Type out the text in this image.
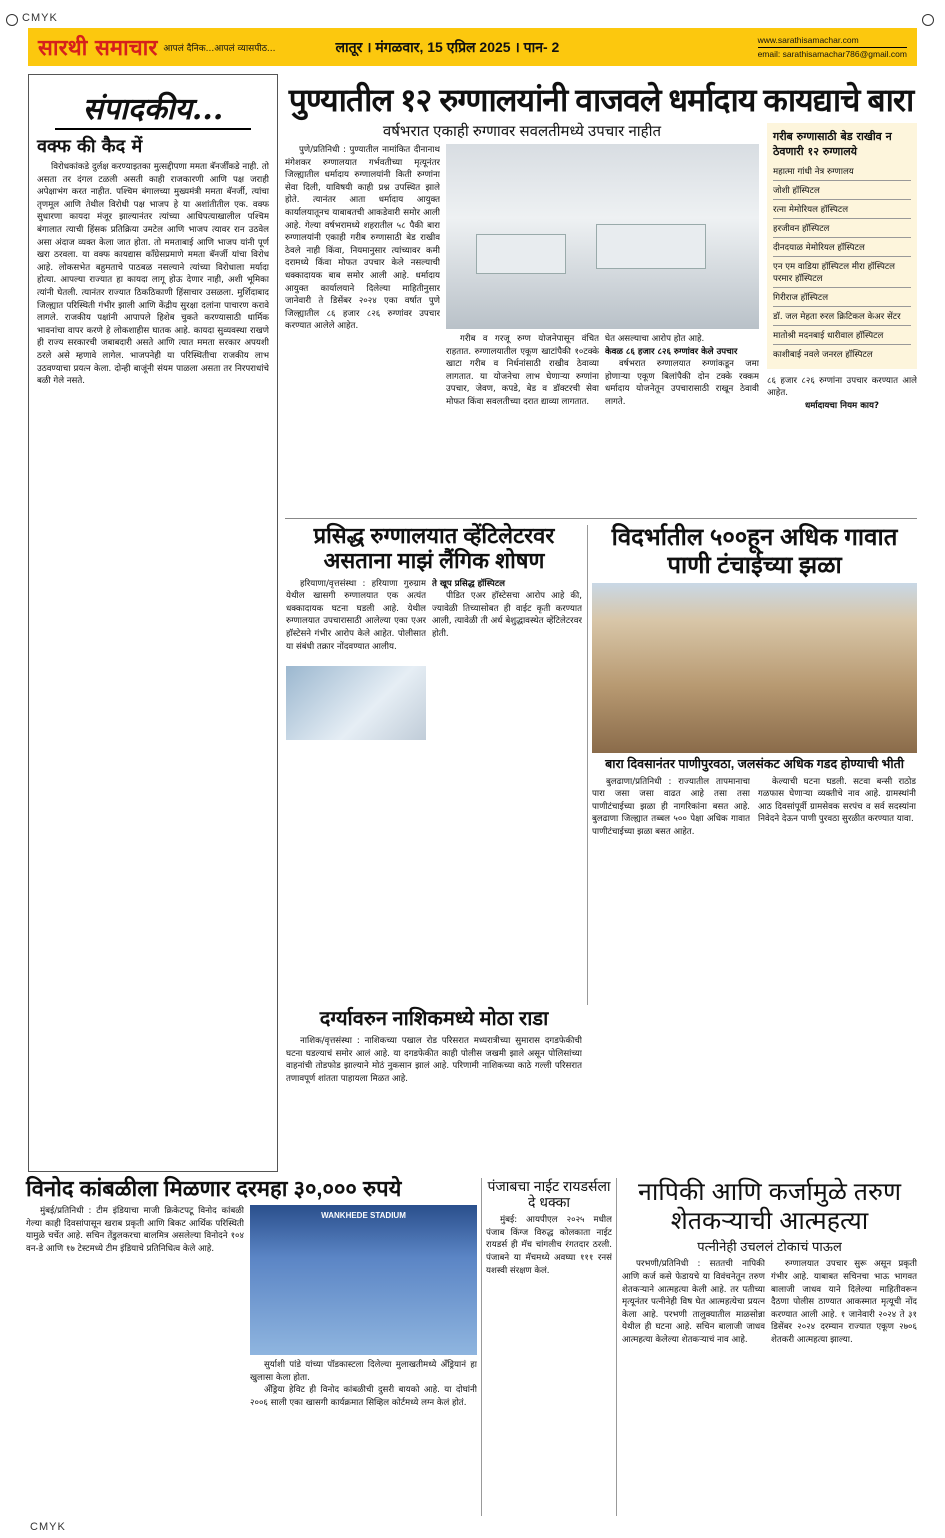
CMYK
सारथी समाचार आपलं दैनिक...आपलं व्यासपीठ...	लातूर । मंगळवार, 15 एप्रिल 2025 । पान- 2	www.sarathisamachar.com
email: sarathisamachar786@gmail.com
संपादकीय...
वक्फ की कैद में

विरोधकांकडे दुर्लक्ष करण्याइतका मुत्सद्दीपणा ममता बॅनर्जींकडे नाही. तो असता तर दंगल टळली असती काही राजकारणी आणि पक्ष जराही अपेक्षाभंग करत नाहीत. पश्चिम बंगालच्या मुख्यमंत्री ममता बॅनर्जी, त्यांचा तृणमूल आणि तेथील विरोधी पक्ष भाजप हे या अशांतीतील एक. वक्फ सुधारणा कायदा मंजूर झाल्यानंतर त्यांच्या आधिपत्याखालील पश्चिम बंगालात त्याची हिंसक प्रतिक्रिया उमटेल आणि भाजप त्यावर रान उठवेल असा अंदाज व्यक्त केला जात होता. तो ममताबाई आणि भाजप यांनी पूर्ण खरा ठरवला. या वक्फ कायद्यास काँग्रेसप्रमाणे ममता बॅनर्जी यांचा विरोध आहे. लोकसभेत बहुमताचे पाठबळ नसल्याने त्यांच्या विरोधाला मर्यादा होत्या. आपल्या राज्यात हा कायदा लागू होऊ देणार नाही, अशी भूमिका त्यांनी घेतली. त्यानंतर राज्यात ठिकठिकाणी हिंसाचार उसळला. मुर्शिदाबाद जिल्ह्यात परिस्थिती गंभीर झाली आणि केंद्रीय सुरक्षा दलांना पाचारण करावे लागले. राजकीय पक्षांनी आपापले हिशेब चुकते करण्यासाठी धार्मिक भावनांचा वापर करणे हे लोकशाहीस घातक आहे. कायदा सुव्यवस्था राखणे ही राज्य सरकारची जबाबदारी असते आणि त्यात ममता सरकार अपयशी ठरले असे म्हणावे लागेल. भाजपनेही या परिस्थितीचा राजकीय लाभ उठवण्याचा प्रयत्न केला. दोन्ही बाजूंनी संयम पाळला असता तर निरपराधांचे बळी गेले नसते.

पुण्यातील १२ रुग्णालयांनी वाजवले धर्मादाय कायद्याचे बारा
वर्षभरात एकाही रुग्णावर सवलतीमध्ये उपचार नाहीत

पुणे/प्रतिनिधी : पुण्यातील नामांकित दीनानाथ मंगेशकर रुग्णालयात गर्भवतीच्या मृत्यूनंतर जिल्ह्यातील धर्मादाय रुग्णालयांनी किती रुग्णांना सेवा दिली, याविषयी काही प्रश्न उपस्थित झाले होते. त्यानंतर आता धर्मादाय आयुक्त कार्यालयातूनच याबाबतची आकडेवारी समोर आली आहे. गेल्या वर्षभरामध्ये शहरातील ५८ पैकी बारा रुग्णालयांनी एकाही गरीब रुग्णासाठी बेड राखीव ठेवले नाही किंवा, नियमानुसार त्यांच्यावर कमी दरामध्ये किंवा मोफत उपचार केले नसल्याची धक्कादायक बाब समोर आली आहे. धर्मादाय आयुक्त कार्यालयाने दिलेल्या माहितीनुसार जानेवारी ते डिसेंबर २०२४ एका वर्षात पुणे जिल्ह्यातील ८६ हजार ८२६ रुग्णांवर उपचार करण्यात आलेले आहेत.

गरीब व गरजू रुग्ण योजनेपासून वंचित राहतात. रुग्णालयातील एकूण खाटांपैकी १०टक्के खाटा गरीब व निर्धनांसाठी राखीव ठेवाव्या लागतात. या योजनेचा लाभ घेणाऱ्या रुग्णांना उपचार, जेवण, कपडे, बेड व डॉक्टरची सेवा मोफत किंवा सवलतीच्या दरात द्याव्या लागतात.

घेत असल्याचा आरोप होत आहे.
केवळ ८६ हजार ८२६ रुग्णांवर केले उपचार

वर्षभरात रुग्णालयात रुग्णांकडून जमा होणाऱ्या एकूण बिलांपैकी दोन टक्के रक्कम धर्मादाय योजनेतून उपचारासाठी राखून ठेवावी लागते.

गरीब रुग्णासाठी बेड राखीव न ठेवणारी १२ रुग्णालये
महात्मा गांधी नेत्र रुग्णालय
जोशी हॉस्पिटल
रत्ना मेमोरियल हॉस्पिटल
हरजीवन हॉस्पिटल
दीनदयाळ मेमोरियल हॉस्पिटल
एन एम वाडिया हॉस्पिटल मीरा हॉस्पिटल परमार हॉस्पिटल
गिरीराज हॉस्पिटल
डॉ. जल मेहता रुरल क्रिटिकल केअर सेंटर
मातोश्री मदनबाई धारीवाल हॉस्पिटल
काशीबाई नवले जनरल हॉस्पिटल
८६ हजार ८२६ रुग्णांना उपचार करण्यात आले आहेत.
धर्मादायचा नियम काय?
प्रसिद्ध रुग्णालयात व्हेंटिलेटरवर असताना माझं लैंगिक शोषण

हरियाणा/वृत्तसंस्था : हरियाणा गुरुग्राम येथील खासगी रुग्णालयात एक अत्यंत धक्कादायक घटना घडली आहे. येथील रुग्णालयात उपचारासाठी आलेल्या एका एअर हॉस्टेसने गंभीर आरोप केले आहेत. पोलीसात या संबंधी तक्रार नोंदवण्यात आलीय.

ते खूप प्रसिद्ध हॉस्पिटल

पीडित एअर हॉस्टेसचा आरोप आहे की, ज्यावेळी तिच्यासोबत ही वाईट कृती करण्यात आली, त्यावेळी ती अर्ध बेशुद्धावस्थेत व्हेंटिलेटरवर होती.

विदर्भातील ५००हून अधिक गावात पाणी टंचाईच्या झळा
बारा दिवसानंतर पाणीपुरवठा, जलसंकट अधिक गडद होण्याची भीती

बुलढाणा/प्रतिनिधी : राज्यातील तापमानाचा पारा जसा जसा वाढत आहे तसा तसा पाणीटंचाईच्या झळा ही नागरिकांना बसत आहे. बुलढाणा जिल्ह्यात तब्बल ५०० पेक्षा अधिक गावात पाणीटंचाईच्या झळा बसत आहेत.

केल्याची घटना घडली. सटवा बन्सी राठोड गळफास घेणाऱ्या व्यक्तीचे नाव आहे. ग्रामस्थांनी आठ दिवसांपूर्वी ग्रामसेवक सरपंच व सर्व सदस्यांना निवेदने देऊन पाणी पुरवठा सुरळीत करण्यात यावा.

दर्ग्यावरुन नाशिकमध्ये मोठा राडा

नाशिक/वृत्तसंस्था : नाशिकच्या पखाल रोड परिसरात मध्यरात्रीच्या सुमारास दगडफेकीची घटना घडल्याचं समोर आलं आहे. या दगडफेकीत काही पोलीस जखमी झाले असून पोलिसांच्या वाहनांची तोडफोड झाल्याने मोठं नुकसान झालं आहे. परिणामी नाशिकच्या काठे गल्ली परिसरात तणावपूर्ण शांतता पाहायला मिळत आहे.

विनोद कांबळीला मिळणार दरमहा ३०,००० रुपये

मुंबई/प्रतिनिधी : टीम इंडियाचा माजी क्रिकेटपटू विनोद कांबळी गेल्या काही दिवसांपासून खराब प्रकृती आणि बिकट आर्थिक परिस्थिती यामुळे चर्चेत आहे. सचिन तेंडुलकरचा बालमित्र असलेल्या विनोदने १०४ वन-डे आणि १७ टेस्टमध्ये टीम इंडियाचे प्रतिनिधित्व केले आहे.

WANKHEDE STADIUM

सुर्याशी पांडे यांच्या पॉडकास्टला दिलेल्या मुलाखतीमध्ये अँड्रियानं हा खुलासा केला होता.

अँड्रिया हेविट ही विनोद कांबळीची दुसरी बायको आहे. या दोघांनी २००६ साली एका खासगी कार्यक्रमात सिव्हिल कोर्टमध्ये लग्न केलं होतं.

पंजाबचा नाईट रायडर्सला दे धक्का

मुंबई: आयपीएल २०२५ मधील पंजाब किंग्ज विरुद्ध कोलकाता नाईट रायडर्स ही मॅच चांगलीच रंगतदार ठरली. पंजाबने या मॅचमध्ये अवघ्या १११ रनसं यशस्वी संरक्षण केलं.

नापिकी आणि कर्जामुळे तरुण शेतकऱ्याची आत्महत्या
पत्नीनेही उचललं टोकाचं पाऊल

परभणी/प्रतिनिधी : सततची नापिकी आणि कर्ज कसे फेडायचे या विवंचनेतून तरुण शेतकऱ्याने आत्महत्या केली आहे. तर पतीच्या मृत्यूनंतर पत्नीनेही विष घेत आत्महत्येचा प्रयत्न केला आहे. परभणी तालुक्यातील माळसोन्ना येथील ही घटना आहे. सचिन बालाजी जाधव आत्महत्या केलेल्या शेतकऱ्याचं नाव आहे.

रुग्णालयात उपचार सुरू असून प्रकृती गंभीर आहे. याबाबत सचिनचा भाऊ भागवत बालाजी जाधव याने दिलेल्या माहितीवरून दैठणा पोलीस ठाण्यात आकस्मात मृत्यूची नोंद करण्यात आली आहे. १ जानेवारी २०२४ ते ३१ डिसेंबर २०२४ दरम्यान राज्यात एकूण २७०६ शेतकरी आत्महत्या झाल्या.

CMYK
